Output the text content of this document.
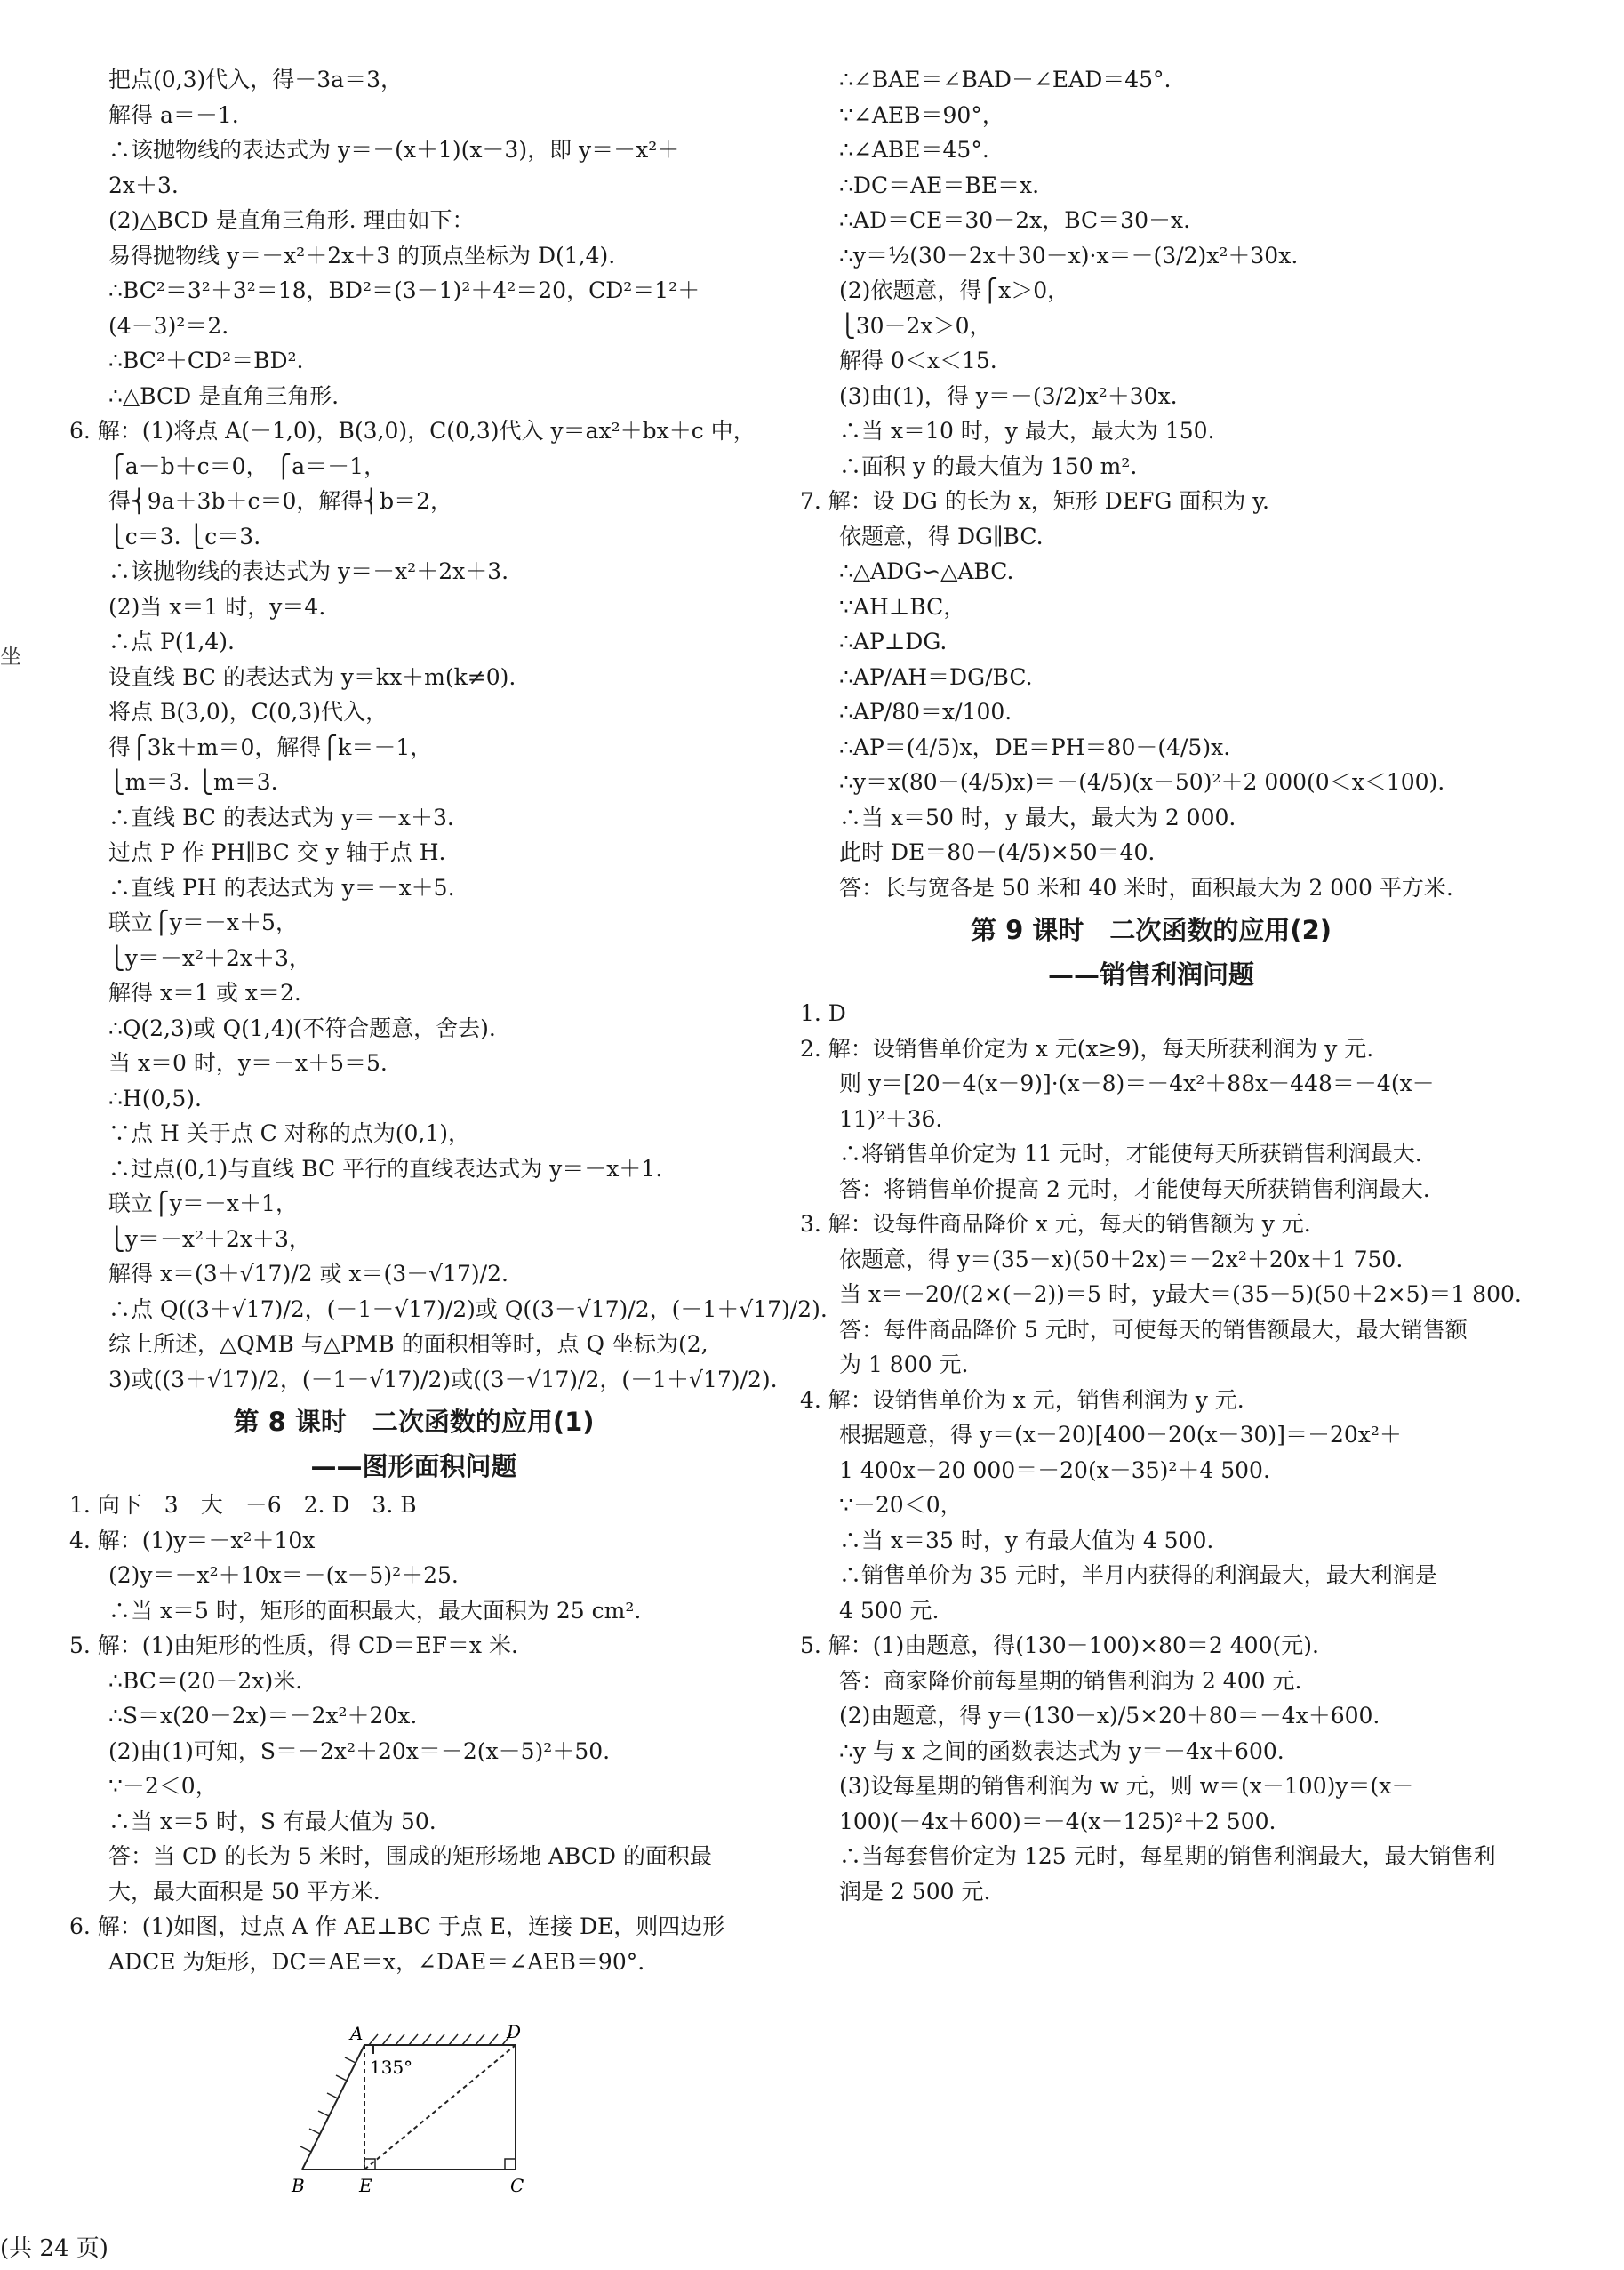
坐
把点(0,3)代入，得－3a＝3，
解得 a＝－1.
∴该抛物线的表达式为 y＝－(x＋1)(x－3)，即 y＝－x²＋
2x＋3.
(2)△BCD 是直角三角形. 理由如下：
易得抛物线 y＝－x²＋2x＋3 的顶点坐标为 D(1,4).
∴BC²＝3²＋3²＝18，BD²＝(3－1)²＋4²＝20，CD²＝1²＋
(4－3)²＝2.
∴BC²＋CD²＝BD².
∴△BCD 是直角三角形.
6. 解：(1)将点 A(－1,0)，B(3,0)，C(0,3)代入 y＝ax²＋bx＋c 中，
⎧a－b＋c＝0， ⎧a＝－1，
得⎨9a＋3b＋c＝0，解得⎨b＝2，
⎩c＝3. ⎩c＝3.
∴该抛物线的表达式为 y＝－x²＋2x＋3.
(2)当 x＝1 时，y＝4.
∴点 P(1,4).
设直线 BC 的表达式为 y＝kx＋m(k≠0).
将点 B(3,0)，C(0,3)代入，
得⎧3k＋m＝0，解得⎧k＝－1，
⎩m＝3. ⎩m＝3.
∴直线 BC 的表达式为 y＝－x＋3.
过点 P 作 PH∥BC 交 y 轴于点 H.
∴直线 PH 的表达式为 y＝－x＋5.
联立⎧y＝－x＋5，
⎩y＝－x²＋2x＋3，
解得 x＝1 或 x＝2.
∴Q(2,3)或 Q(1,4)(不符合题意，舍去).
当 x＝0 时，y＝－x＋5＝5.
∴H(0,5).
∵点 H 关于点 C 对称的点为(0,1)，
∴过点(0,1)与直线 BC 平行的直线表达式为 y＝－x＋1.
联立⎧y＝－x＋1，
⎩y＝－x²＋2x＋3，
解得 x＝(3＋√17)/2 或 x＝(3－√17)/2.
∴点 Q((3＋√17)/2，(－1－√17)/2)或 Q((3－√17)/2，(－1＋√17)/2).
综上所述，△QMB 与△PMB 的面积相等时，点 Q 坐标为(2,
3)或((3＋√17)/2，(－1－√17)/2)或((3－√17)/2，(－1＋√17)/2).
第 8 课时　二次函数的应用(1)
——图形面积问题
1. 向下　3　大　－6　2. D　3. B
4. 解：(1)y＝－x²＋10x
(2)y＝－x²＋10x＝－(x－5)²＋25.
∴当 x＝5 时，矩形的面积最大，最大面积为 25 cm².
5. 解：(1)由矩形的性质，得 CD＝EF＝x 米.
∴BC＝(20－2x)米.
∴S＝x(20－2x)＝－2x²＋20x.
(2)由(1)可知，S＝－2x²＋20x＝－2(x－5)²＋50.
∵－2＜0，
∴当 x＝5 时，S 有最大值为 50.
答：当 CD 的长为 5 米时，围成的矩形场地 ABCD 的面积最
大，最大面积是 50 平方米.
6. 解：(1)如图，过点 A 作 AE⊥BC 于点 E，连接 DE，则四边形
ADCE 为矩形，DC＝AE＝x，∠DAE＝∠AEB＝90°.
A	D
B	E	C
135°
∴∠BAE＝∠BAD－∠EAD＝45°.
∵∠AEB＝90°，
∴∠ABE＝45°.
∴DC＝AE＝BE＝x.
∴AD＝CE＝30－2x，BC＝30－x.
∴y＝½(30－2x＋30－x)·x＝－(3/2)x²＋30x.
(2)依题意，得⎧x＞0，
⎩30－2x＞0，
解得 0＜x＜15.
(3)由(1)，得 y＝－(3/2)x²＋30x.
∴当 x＝10 时，y 最大，最大为 150.
∴面积 y 的最大值为 150 m².
7. 解：设 DG 的长为 x，矩形 DEFG 面积为 y.
依题意，得 DG∥BC.
∴△ADG∽△ABC.
∵AH⊥BC，
∴AP⊥DG.
∴AP/AH＝DG/BC.
∴AP/80＝x/100.
∴AP＝(4/5)x，DE＝PH＝80－(4/5)x.
∴y＝x(80－(4/5)x)＝－(4/5)(x－50)²＋2 000(0＜x＜100).
∴当 x＝50 时，y 最大，最大为 2 000.
此时 DE＝80－(4/5)×50＝40.
答：长与宽各是 50 米和 40 米时，面积最大为 2 000 平方米.
第 9 课时　二次函数的应用(2)
——销售利润问题
1. D
2. 解：设销售单价定为 x 元(x≥9)，每天所获利润为 y 元.
则 y＝[20－4(x－9)]·(x－8)＝－4x²＋88x－448＝－4(x－
11)²＋36.
∴将销售单价定为 11 元时，才能使每天所获销售利润最大.
答：将销售单价提高 2 元时，才能使每天所获销售利润最大.
3. 解：设每件商品降价 x 元，每天的销售额为 y 元.
依题意，得 y＝(35－x)(50＋2x)＝－2x²＋20x＋1 750.
当 x＝－20/(2×(－2))＝5 时，y最大＝(35－5)(50＋2×5)＝1 800.
答：每件商品降价 5 元时，可使每天的销售额最大，最大销售额
为 1 800 元.
4. 解：设销售单价为 x 元，销售利润为 y 元.
根据题意，得 y＝(x－20)[400－20(x－30)]＝－20x²＋
1 400x－20 000＝－20(x－35)²＋4 500.
∵－20＜0，
∴当 x＝35 时，y 有最大值为 4 500.
∴销售单价为 35 元时，半月内获得的利润最大，最大利润是
4 500 元.
5. 解：(1)由题意，得(130－100)×80＝2 400(元).
答：商家降价前每星期的销售利润为 2 400 元.
(2)由题意，得 y＝(130－x)/5×20＋80＝－4x＋600.
∴y 与 x 之间的函数表达式为 y＝－4x＋600.
(3)设每星期的销售利润为 w 元，则 w＝(x－100)y＝(x－
100)(－4x＋600)＝－4(x－125)²＋2 500.
∴当每套售价定为 125 元时，每星期的销售利润最大，最大销售利
润是 2 500 元.
(共 24 页)
